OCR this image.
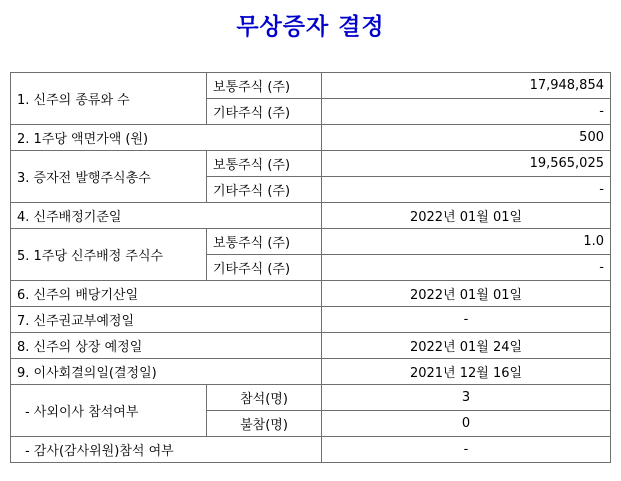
무상증자 결정
1. 신주의 종류와 수	보통주식 (주)	17,948,854
	기타주식 (주)	-
2. 1주당 액면가액 (원)		500
3. 증자전 발행주식총수	보통주식 (주)	19,565,025
	기타주식 (주)	-
4. 신주배정기준일		2022년 01월 01일
5. 1주당 신주배정 주식수	보통주식 (주)	1.0
	기타주식 (주)	-
6. 신주의 배당기산일		2022년 01월 01일
7. 신주권교부예정일		-
8. 신주의 상장 예정일		2022년 01월 24일
9. 이사회결의일(결정일)		2021년 12월 16일
- 사외이사 참석여부	참석(명)	3
	불참(명)	0
- 감사(감사위원)참석 여부		-
